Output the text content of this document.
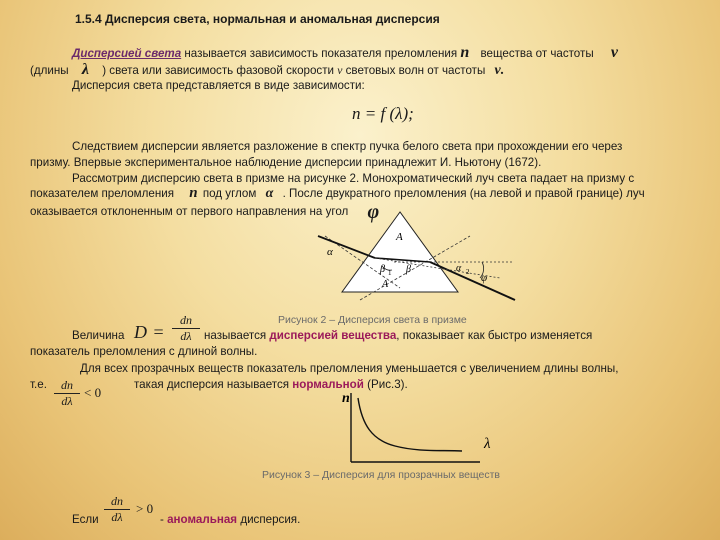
1.5.4 Дисперсия света, нормальная и аномальная дисперсия
Дисперсией света называется зависимость показателя преломления n вещества от частоты ν
(длины λ ) света или зависимость фазовой скорости v световых волн от частоты ν.
Дисперсия света представляется в виде зависимости:
n = f (λ);
Следствием дисперсии является разложение в спектр пучка белого света при прохождении его через
призму. Впервые экспериментальное наблюдение дисперсии принадлежит И. Ньютону (1672).
Рассмотрим дисперсию света в призме на рисунке 2. Монохроматический луч света падает на призму с
показателем преломления n под углом α . После двукратного преломления (на левой и правой границе) луч
оказывается отклоненным от первого направления на угол φ
A
α
α 2
β 1 β
A
φ
n
λ
Рисунок 2 – Дисперсия света в призме
Величина $D = \frac{dn}{d\lambda}$ называется дисперсией вещества, показывает как быстро изменяется
показатель преломления с длиной волны.
Для всех прозрачных веществ показатель преломления уменьшается с увеличением длины волны,
т.е. $\frac{dn}{d\lambda} < 0$
такая дисперсия называется нормальной (Рис.3).
Рисунок 3 – Дисперсия для прозрачных веществ
Если $\frac{dn}{d\lambda} > 0$
- аномальная дисперсия.
